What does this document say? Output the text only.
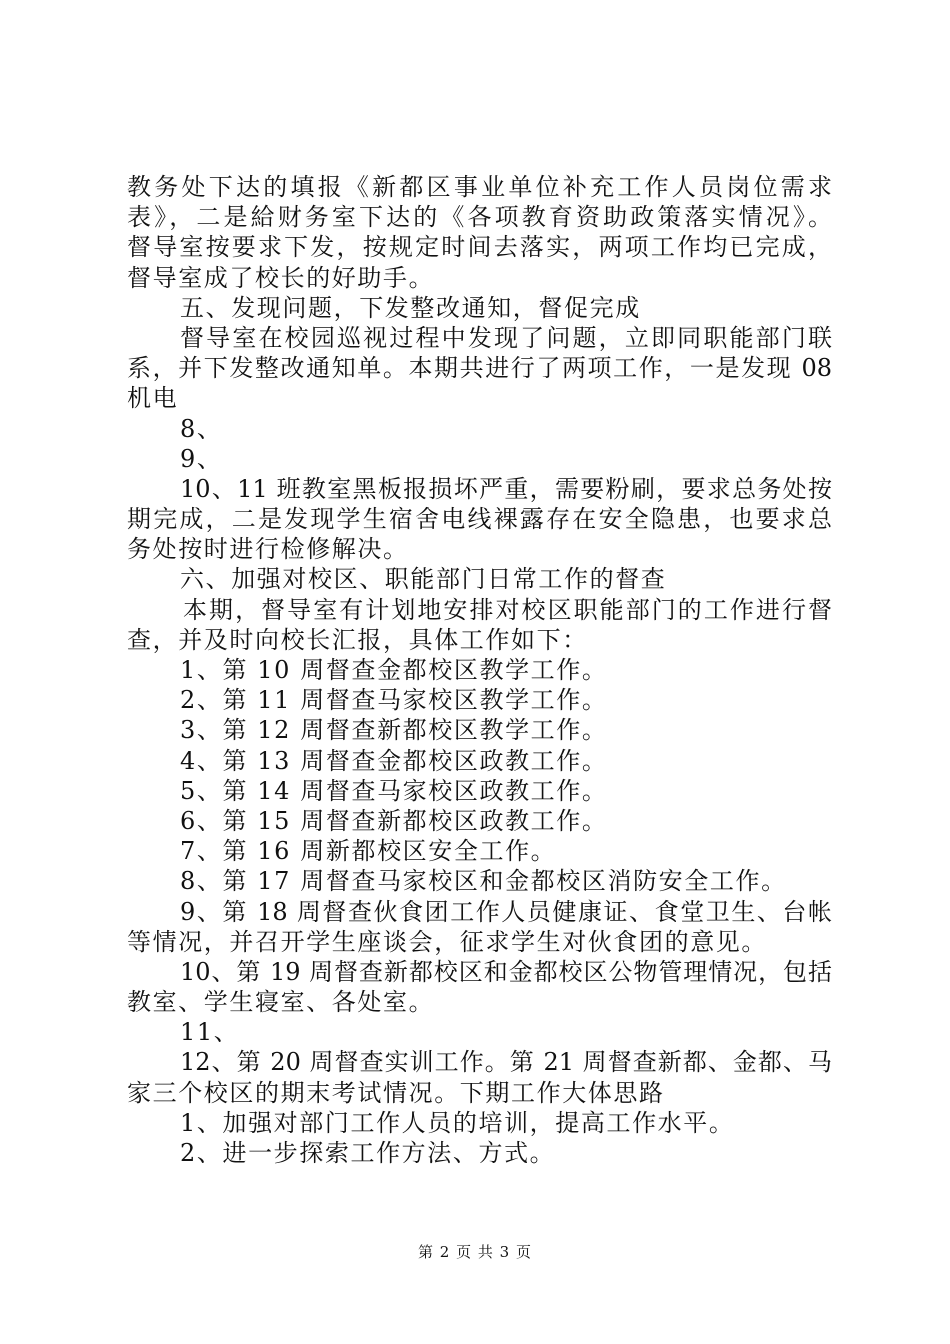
教务处下达的填报《新都区事业单位补充工作人员岗位需求
表》，二是給财务室下达的《各项教育资助政策落实情况》。
督导室按要求下发，按规定时间去落实，两项工作均已完成，
督导室成了校长的好助手。
五、发现问题，下发整改通知，督促完成
督导室在校园巡视过程中发现了问题，立即同职能部门联
系，并下发整改通知单。本期共进行了两项工作，一是发现 08
机电
8、
9、
10、11 班教室黑板报损坏严重，需要粉刷，要求总务处按
期完成，二是发现学生宿舍电线裸露存在安全隐患，也要求总
务处按时进行检修解决。
六、加强对校区、职能部门日常工作的督查
本期，督导室有计划地安排对校区职能部门的工作进行督
查，并及时向校长汇报，具体工作如下：
1、第 10 周督查金都校区教学工作。
2、第 11 周督查马家校区教学工作。
3、第 12 周督查新都校区教学工作。
4、第 13 周督查金都校区政教工作。
5、第 14 周督查马家校区政教工作。
6、第 15 周督查新都校区政教工作。
7、第 16 周新都校区安全工作。
8、第 17 周督查马家校区和金都校区消防安全工作。
9、第 18 周督查伙食团工作人员健康证、食堂卫生、台帐
等情况，并召开学生座谈会，征求学生对伙食团的意见。
10、第 19 周督查新都校区和金都校区公物管理情况，包括
教室、学生寝室、各处室。
11、
12、第 20 周督查实训工作。第 21 周督查新都、金都、马
家三个校区的期末考试情况。下期工作大体思路
1、加强对部门工作人员的培训，提高工作水平。
2、进一步探索工作方法、方式。
第 2 页 共 3 页
